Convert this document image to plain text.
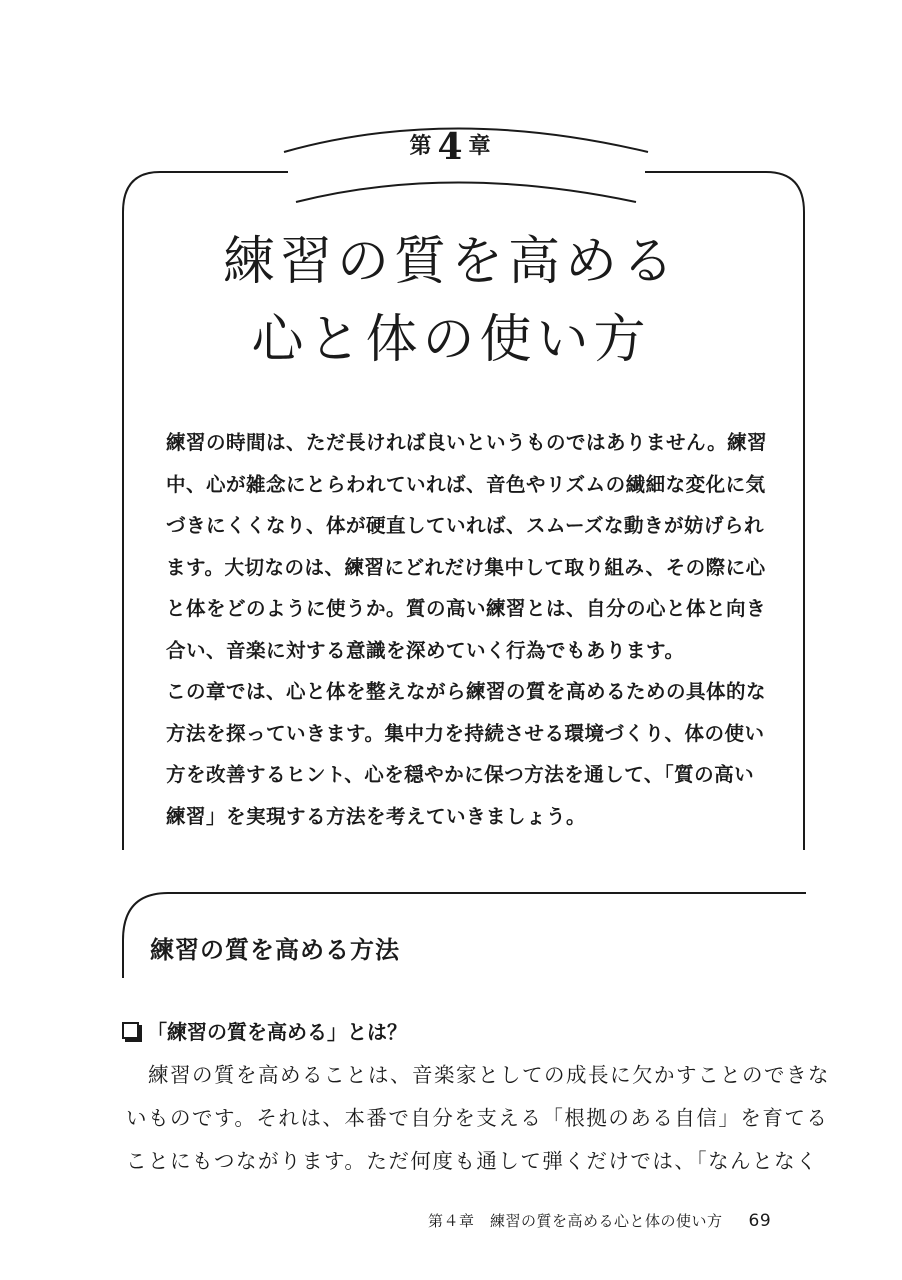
第 4 章
練習の質を高める
心と体の使い方

練習の時間は、ただ長ければ良いというものではありません。練習

中、心が雑念にとらわれていれば、音色やリズムの繊細な変化に気

づきにくくなり、体が硬直していれば、スムーズな動きが妨げられ

ます。大切なのは、練習にどれだけ集中して取り組み、その際に心

と体をどのように使うか。質の高い練習とは、自分の心と体と向き

合い、音楽に対する意識を深めていく行為でもあります。

この章では、心と体を整えながら練習の質を高めるための具体的な

方法を探っていきます。集中力を持続させる環境づくり、体の使い

方を改善するヒント、心を穏やかに保つ方法を通して、「質の高い

練習」を実現する方法を考えていきましょう。

練習の質を高める方法
「練習の質を高める」とは？

　練習の質を高めることは、音楽家としての成長に欠かすことのできな

いものです。それは、本番で自分を支える「根拠のある自信」を育てる

ことにもつながります。ただ何度も通して弾くだけでは、「なんとなく

第４章　練習の質を高める心と体の使い方 69
